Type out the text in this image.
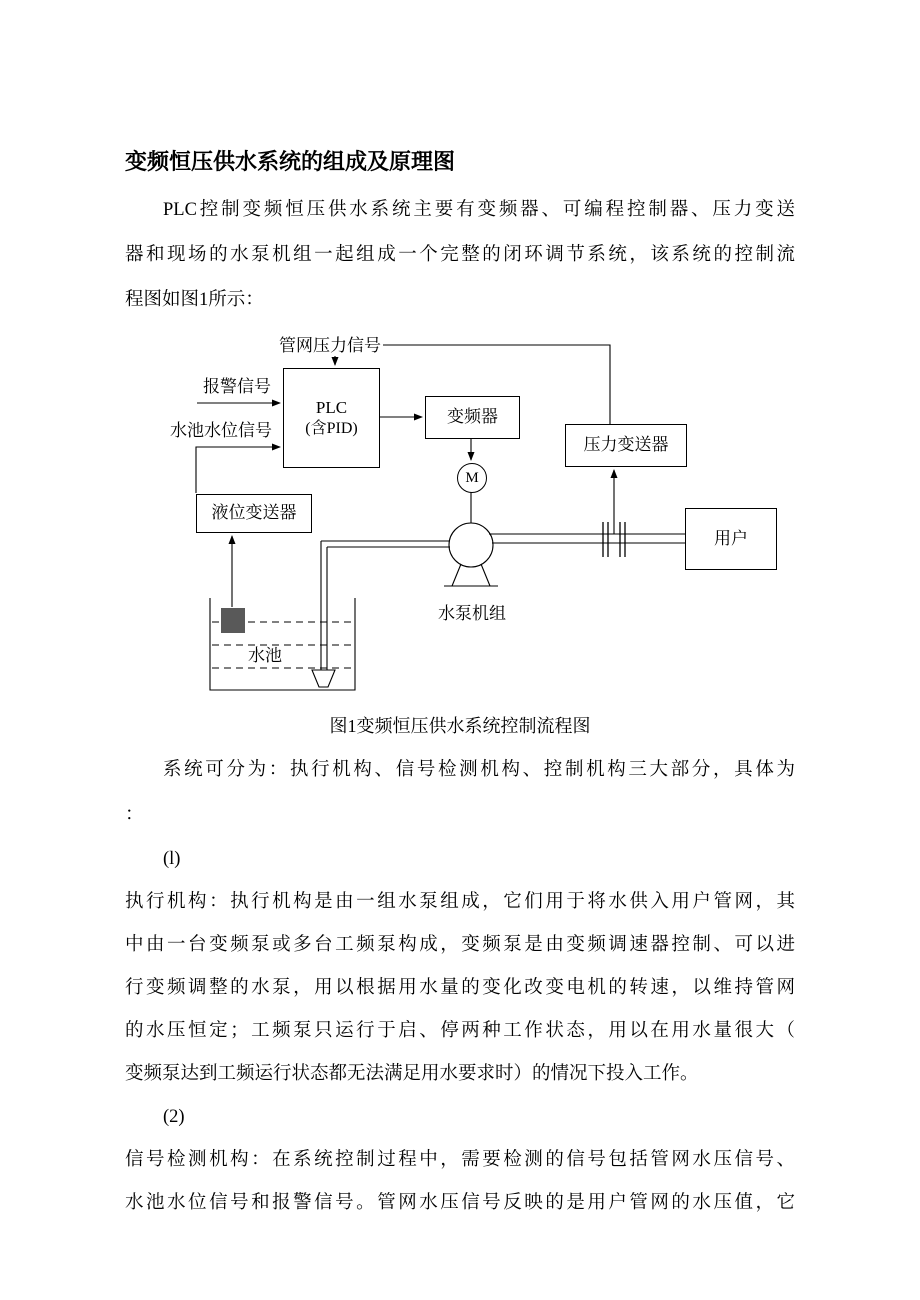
变频恒压供水系统的组成及原理图
PLC控制变频恒压供水系统主要有变频器、可编程控制器、压力变送
器和现场的水泵机组一起组成一个完整的闭环调节系统，该系统的控制流
程图如图1所示：
PLC
(含PID)
变频器
压力变送器
用户
液位变送器
M
管网压力信号
报警信号
水池水位信号
水泵机组
水池
图1变频恒压供水系统控制流程图
系统可分为：执行机构、信号检测机构、控制机构三大部分，具体为
：
(l)
执行机构：执行机构是由一组水泵组成，它们用于将水供入用户管网，其
中由一台变频泵或多台工频泵构成，变频泵是由变频调速器控制、可以进
行变频调整的水泵，用以根据用水量的变化改变电机的转速，以维持管网
的水压恒定；工频泵只运行于启、停两种工作状态，用以在用水量很大（
变频泵达到工频运行状态都无法满足用水要求时）的情况下投入工作。
(2)
信号检测机构：在系统控制过程中，需要检测的信号包括管网水压信号、
水池水位信号和报警信号。管网水压信号反映的是用户管网的水压值，它
